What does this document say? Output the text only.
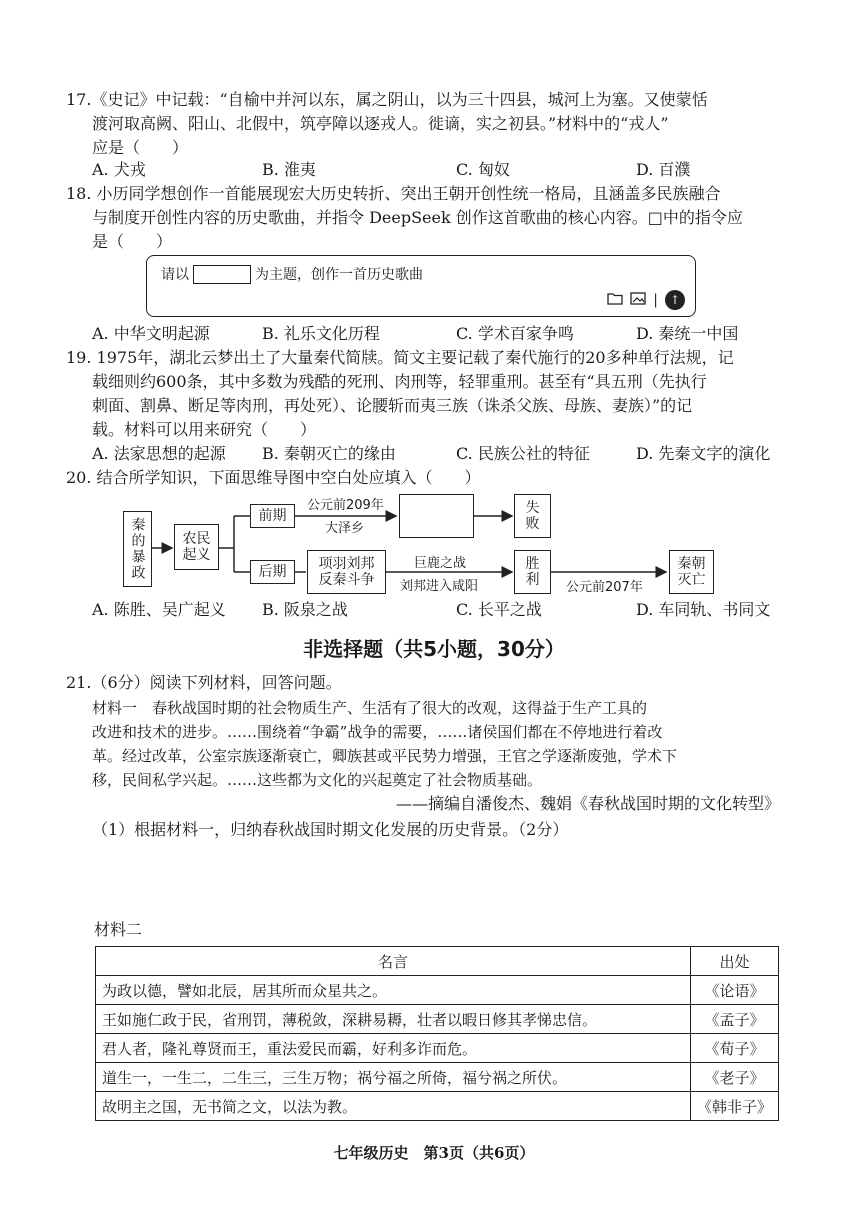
17.《史记》中记载：“自榆中并河以东，属之阴山，以为三十四县，城河上为塞。又使蒙恬
渡河取高阙、阳山、北假中，筑亭障以逐戎人。徙谪，实之初县。”材料中的“戎人”
应是（　　）
A. 犬戎	B. 淮夷	C. 匈奴	D. 百濮
18. 小历同学想创作一首能展现宏大历史转折、突出王朝开创性统一格局，且涵盖多民族融合
与制度开创性内容的历史歌曲，并指令 DeepSeek 创作这首歌曲的核心内容。□中的指令应
是（　　）
请以	为主题，创作一首历史歌曲
| ↑
A. 中华文明起源	B. 礼乐文化历程	C. 学术百家争鸣	D. 秦统一中国
19. 1975年，湖北云梦出土了大量秦代简牍。简文主要记载了秦代施行的20多种单行法规，记
载细则约600条，其中多数为残酷的死刑、肉刑等，轻罪重刑。甚至有“具五刑（先执行
刺面、割鼻、断足等肉刑，再处死）、论腰斩而夷三族（诛杀父族、母族、妻族）”的记
载。材料可以用来研究（　　）
A. 法家思想的起源 B. 秦朝灭亡的缘由	C. 民族公社的特征	D. 先秦文字的演化
20. 结合所学知识，下面思维导图中空白处应填入（　　）
秦的暴政	农民起义
前期
后期
公元前209年
大泽乡
失败
项羽刘邦反秦斗争
巨鹿之战
刘邦进入咸阳
胜利	公元前207年
秦朝灭亡
A. 陈胜、吴广起义 B. 阪泉之战	C. 长平之战	D. 车同轨、书同文
非选择题（共5小题，30分）
21.（6分）阅读下列材料，回答问题。
材料一　春秋战国时期的社会物质生产、生活有了很大的改观，这得益于生产工具的
改进和技术的进步。……围绕着“争霸”战争的需要，……诸侯国们都在不停地进行着改
革。经过改革，公室宗族逐渐衰亡，卿族甚或平民势力增强，王官之学逐渐废弛，学术下
移，民间私学兴起。……这些都为文化的兴起奠定了社会物质基础。
——摘编自潘俊杰、魏娟《春秋战国时期的文化转型》
（1）根据材料一，归纳春秋战国时期文化发展的历史背景。（2分）
材料二
名言	出处
为政以德，譬如北辰，居其所而众星共之。	《论语》
王如施仁政于民，省刑罚，薄税敛，深耕易耨，壮者以暇日修其孝悌忠信。	《孟子》
君人者，隆礼尊贤而王，重法爱民而霸，好利多诈而危。	《荀子》
道生一，一生二，二生三，三生万物；祸兮福之所倚，福兮祸之所伏。	《老子》
故明主之国，无书简之文，以法为教。	《韩非子》
七年级历史　第3页（共6页）
